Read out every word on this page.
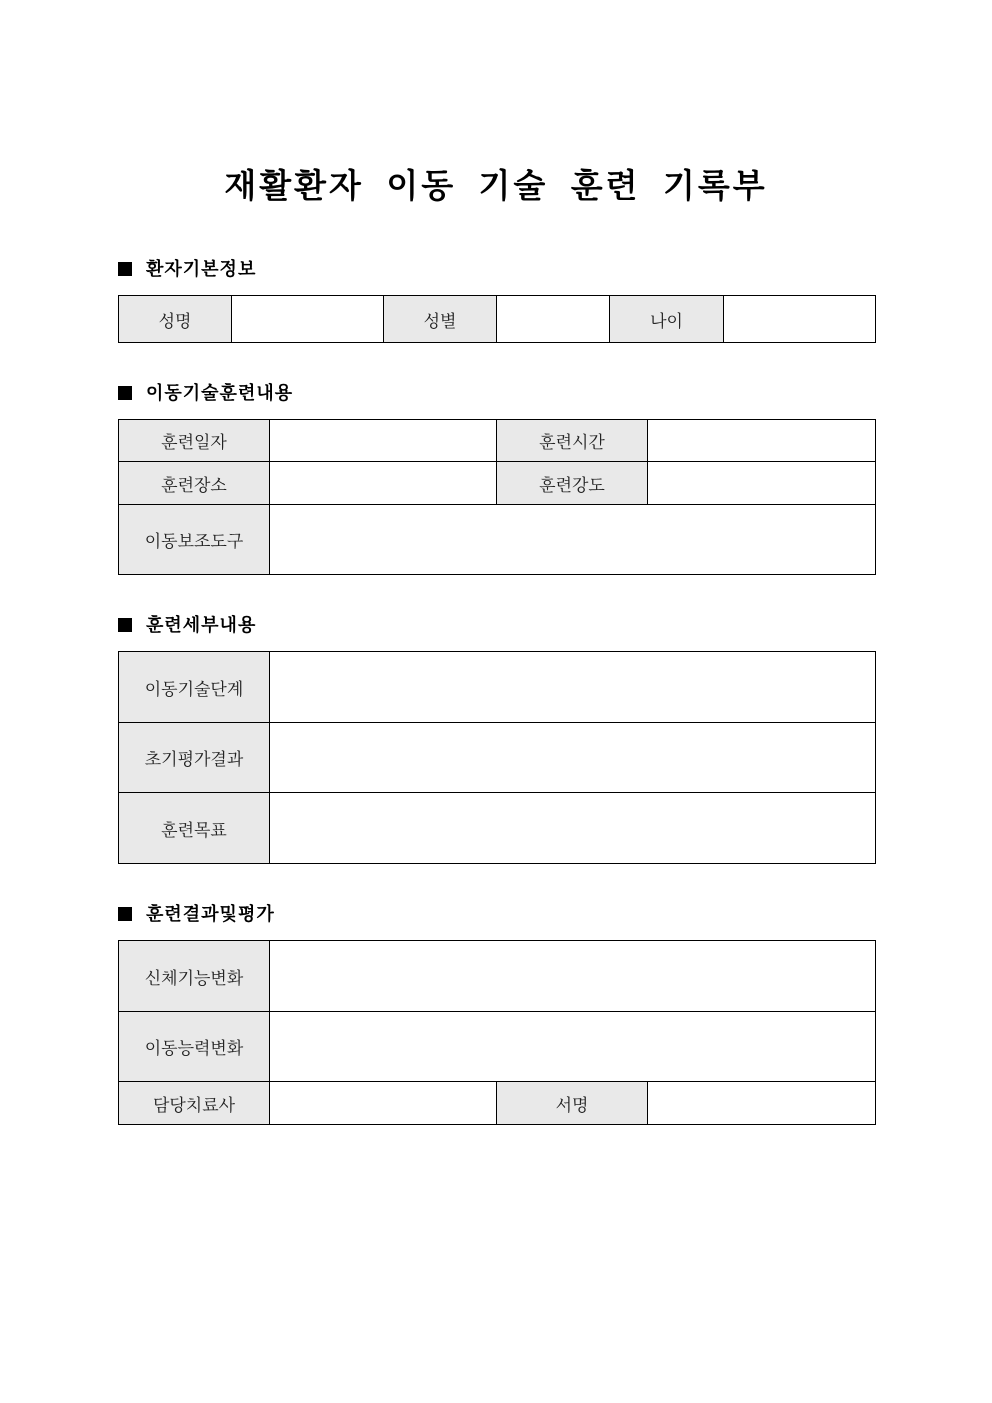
재활환자 이동 기술 훈련 기록부
환자기본정보
성명		성별		나이	
이동기술훈련내용
훈련일자		훈련시간	
훈련장소		훈련강도	
이동보조도구			
훈련세부내용
이동기술단계	
초기평가결과	
훈련목표	
훈련결과및평가
신체기능변화			
이동능력변화			
담당치료사		서명	
